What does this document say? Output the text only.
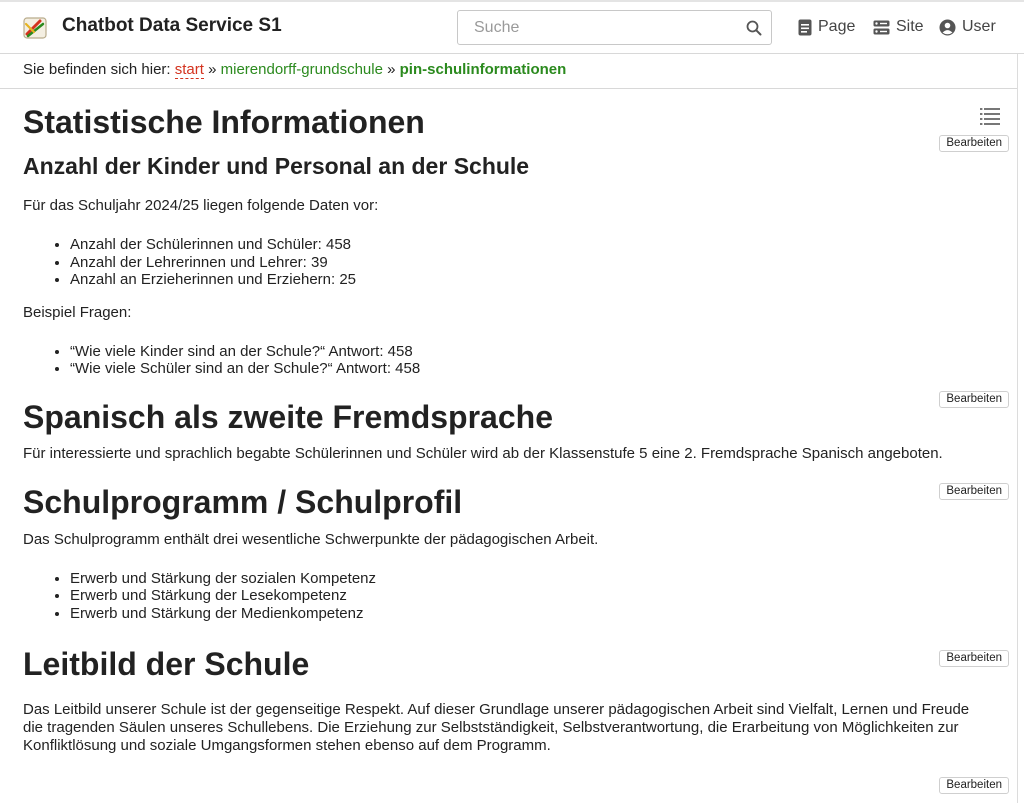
Chatbot Data Service S1
Suche	Page	Site User
Sie befinden sich hier: start » mierendorff-grundschule » pin-schulinformationen
Bearbeiten
Bearbeiten
Bearbeiten
Bearbeiten
Bearbeiten
Statistische Informationen
Anzahl der Kinder und Personal an der Schule

Für das Schuljahr 2024/25 liegen folgende Daten vor:

• Anzahl der Schülerinnen und Schüler: 458
• Anzahl der Lehrerinnen und Lehrer: 39
• Anzahl an Erzieherinnen und Erziehern: 25

Beispiel Fragen:

• “Wie viele Kinder sind an der Schule?“ Antwort: 458
• “Wie viele Schüler sind an der Schule?“ Antwort: 458
Spanisch als zweite Fremdsprache

Für interessierte und sprachlich begabte Schülerinnen und Schüler wird ab der Klassenstufe 5 eine 2. Fremdsprache Spanisch angeboten.

Schulprogramm / Schulprofil

Das Schulprogramm enthält drei wesentliche Schwerpunkte der pädagogischen Arbeit.

• Erwerb und Stärkung der sozialen Kompetenz
• Erwerb und Stärkung der Lesekompetenz
• Erwerb und Stärkung der Medienkompetenz
Leitbild der Schule

Das Leitbild unserer Schule ist der gegenseitige Respekt. Auf dieser Grundlage unserer pädagogischen Arbeit sind Vielfalt, Lernen und Freude die tragenden Säulen unseres Schullebens. Die Erziehung zur Selbstständigkeit, Selbstverantwortung, die Erarbeitung von Möglichkeiten zur Konfliktlösung und soziale Umgangsformen stehen ebenso auf dem Programm.
